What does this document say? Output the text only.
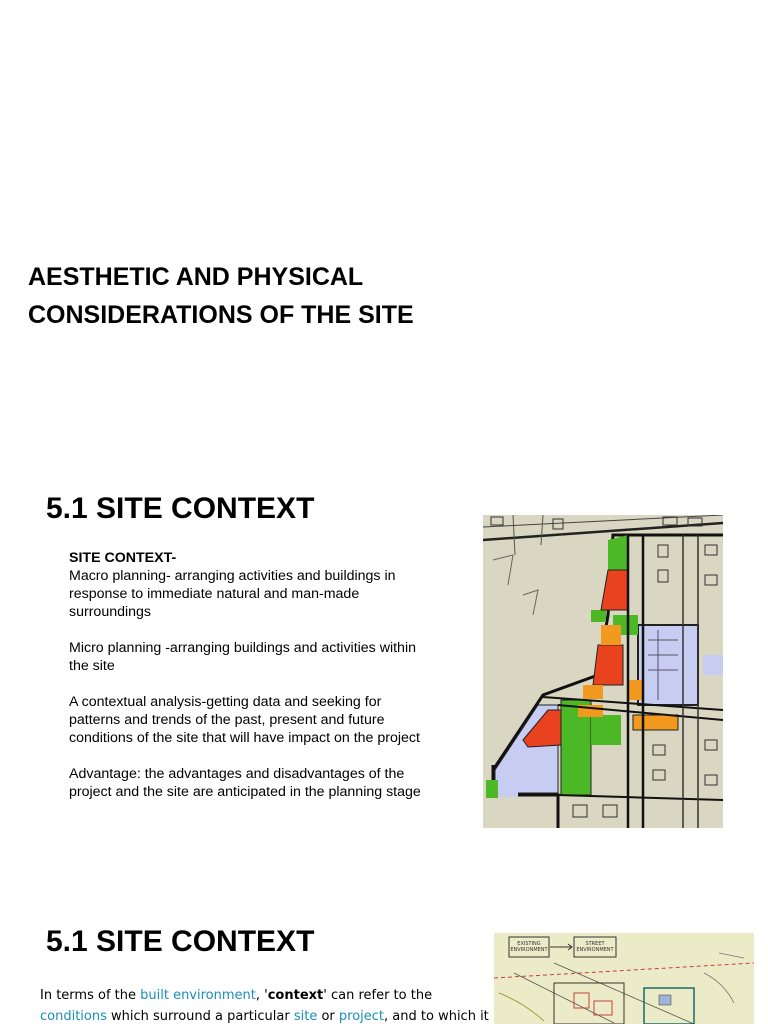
AESTHETIC AND PHYSICAL
CONSIDERATIONS OF THE SITE
5.1 SITE CONTEXT

SITE CONTEXT-
Macro planning- arranging activities and buildings in response to immediate natural and man-made surroundings

Micro planning -arranging buildings and activities within the site

A contextual analysis-getting data and seeking for patterns and trends of the past, present and future conditions of the site that will have impact on the project

Advantage: the advantages and disadvantages of the project and the site are anticipated in the planning stage

5.1 SITE CONTEXT	EXISTING ENVIRONMENT
STREET ENVIRONMENT
In terms of the built environment, 'context' can refer to the conditions which surround a particular site or project, and to which it
